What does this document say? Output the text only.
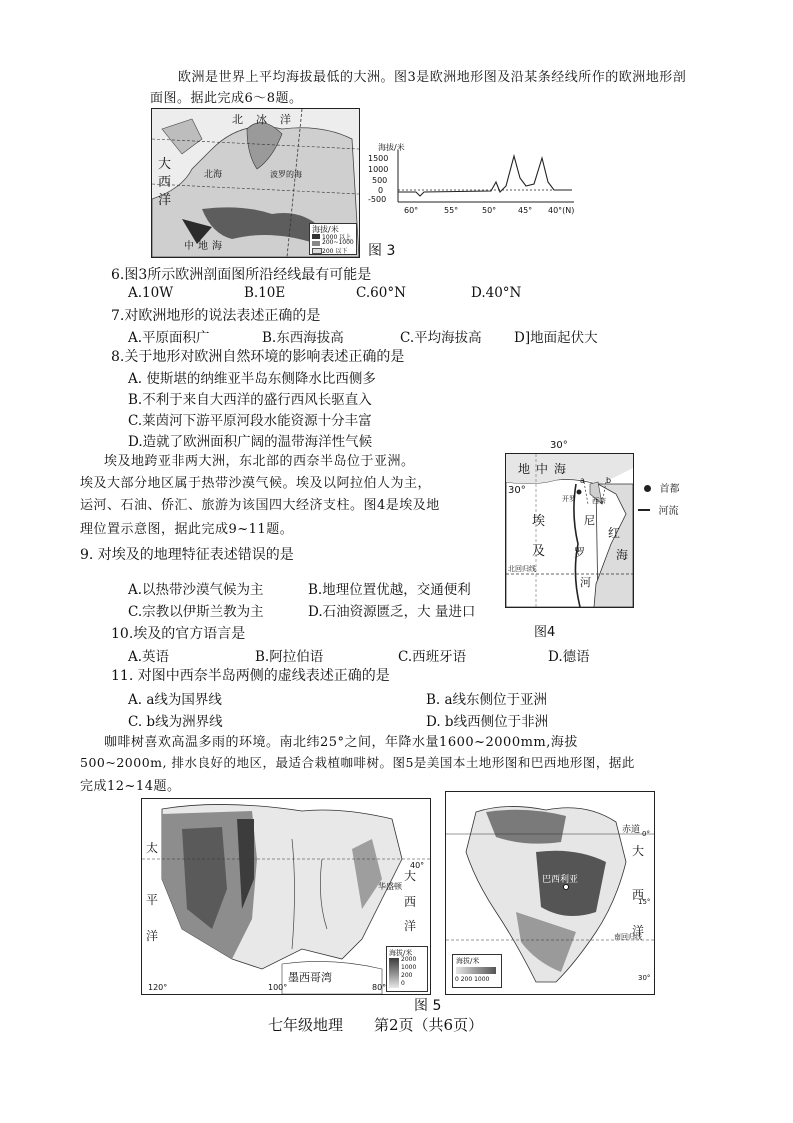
欧洲是世界上平均海拔最低的大洲。图3是欧洲地形图及沿某条经线所作的欧洲地形剖
面图。据此完成6～8题。
北 冰 洋
大
西
洋
北海	波罗的海
海
地
中
海拔/米
1000 以上
200~1000
200 以下
海拔/米
1500
1000
500
0
-500
60°	55°	50°	45° 40°(N)
图 3
6.图3所示欧洲剖面图所沿经线最有可能是
A.10W	B.10E	C.60°N	D.40°N
7.对欧洲地形的说法表述正确的是
A.平原面积广	B.东西海拔高	C.平均海拔高 D]地面起伏大
8.关于地形对欧洲自然环境的影响表述正确的是
A. 使斯堪的纳维亚半岛东侧降水比西侧多
B.不利于来自大西洋的盛行西风长驱直入
C.莱茵河下游平原河段水能资源十分丰富
D.造就了欧洲面积广阔的温带海洋性气候
埃及地跨亚非两大洲，东北部的西奈半岛位于亚洲。
埃及大部分地区属于热带沙漠气候。埃及以阿拉伯人为主，
运河、石油、侨汇、旅游为该国四大经济支柱。图4是埃及地
理位置示意图，据此完成9~11题。
30°
地 中 海
埃
及
尼
罗
河
红
海
开罗 西奈
北回归线
a	b
30°	首都
河流
图4
9. 对埃及的地理特征表述错误的是
A.以热带沙漠气候为主	B.地理位置优越，交通便利
C.宗教以伊斯兰教为主	D.石油资源匮乏，大 量进口
10.埃及的官方语言是
A.英语	B.阿拉伯语	C.西班牙语	D.德语
11. 对图中西奈半岛两侧的虚线表述正确的是
A. a线为国界线	B. a线东侧位于亚洲
C. b线为洲界线	D. b线西侧位于非洲
咖啡树喜欢高温多雨的环境。南北纬25°之间，年降水量1600~2000mm,海拔
500~2000m, 排水良好的地区，最适合栽植咖啡树。图5是美国本土地形图和巴西地形图，据此
完成12~14题。
太
平
洋
大
西
洋
墨西哥湾
华盛顿
40°
120°	100°	80°
海拔/米
2000
1000
200
0
赤道
大
西
洋
巴西利亚
南回归线
0°
15°
30°
海拔/米
0 200 1000
图 5
七年级地理 第2页（共6页）
